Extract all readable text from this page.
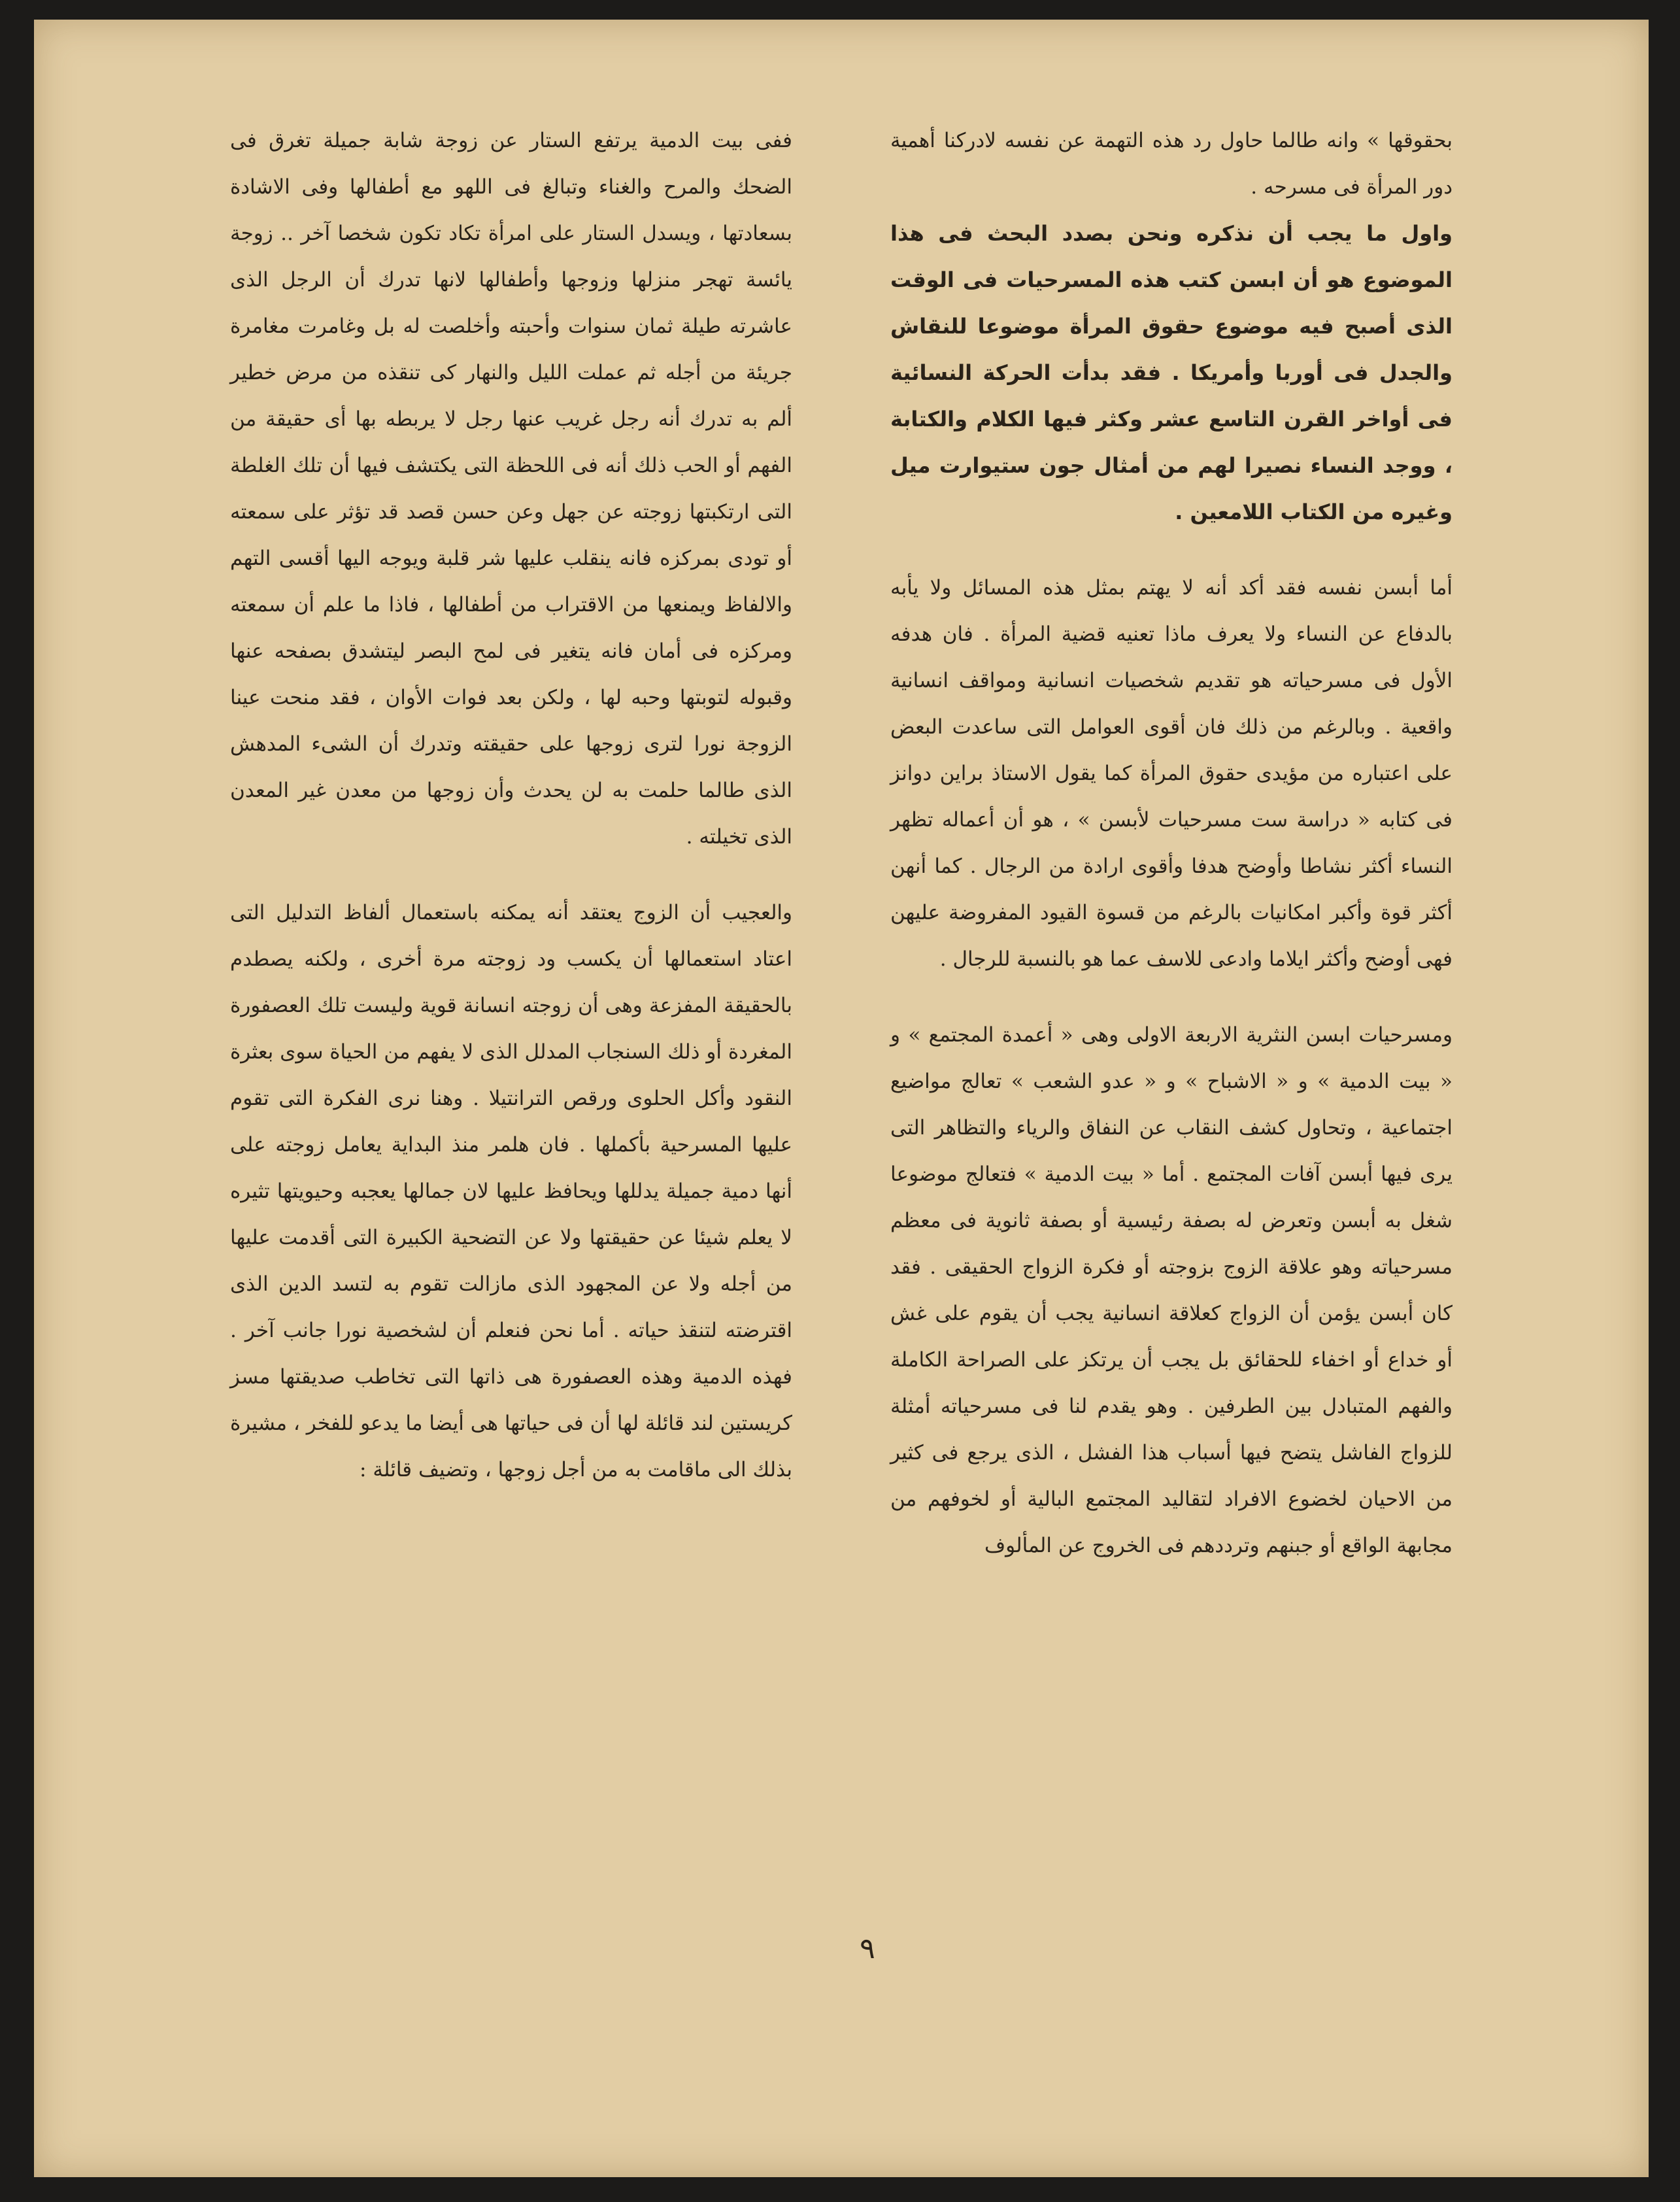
بحقوقها » وانه طالما حاول رد هذه التهمة عن نفسه لادركنا أهمية دور المرأة فى مسرحه .

واول ما يجب أن نذكره ونحن بصدد البحث فى هذا الموضوع هو أن ابسن كتب هذه المسرحيات فى الوقت الذى أصبح فيه موضوع حقوق المرأة موضوعا للنقاش والجدل فى أوربا وأمريكا . فقد بدأت الحركة النسائية فى أواخر القرن التاسع عشر وكثر فيها الكلام والكتابة ، ووجد النساء نصيرا لهم من أمثال جون ستيوارت ميل وغيره من الكتاب اللامعين .

أما أبسن نفسه فقد أكد أنه لا يهتم بمثل هذه المسائل ولا يأبه بالدفاع عن النساء ولا يعرف ماذا تعنيه قضية المرأة . فان هدفه الأول فى مسرحياته هو تقديم شخصيات انسانية ومواقف انسانية واقعية . وبالرغم من ذلك فان أقوى العوامل التى ساعدت البعض على اعتباره من مؤيدى حقوق المرأة كما يقول الاستاذ براين دوانز فى كتابه « دراسة ست مسرحيات لأبسن » ، هو أن أعماله تظهر النساء أكثر نشاطا وأوضح هدفا وأقوى ارادة من الرجال . كما أنهن أكثر قوة وأكبر امكانيات بالرغم من قسوة القيود المفروضة عليهن فهى أوضح وأكثر ايلاما وادعى للاسف عما هو بالنسبة للرجال .

ومسرحيات ابسن النثرية الاربعة الاولى وهى « أعمدة المجتمع » و « بيت الدمية » و « الاشباح » و « عدو الشعب » تعالج مواضيع اجتماعية ، وتحاول كشف النقاب عن النفاق والرياء والتظاهر التى يرى فيها أبسن آفات المجتمع . أما « بيت الدمية » فتعالج موضوعا شغل به أبسن وتعرض له بصفة رئيسية أو بصفة ثانوية فى معظم مسرحياته وهو علاقة الزوج بزوجته أو فكرة الزواج الحقيقى . فقد كان أبسن يؤمن أن الزواج كعلاقة انسانية يجب أن يقوم على غش أو خداع أو اخفاء للحقائق بل يجب أن يرتكز على الصراحة الكاملة والفهم المتبادل بين الطرفين . وهو يقدم لنا فى مسرحياته أمثلة للزواج الفاشل يتضح فيها أسباب هذا الفشل ، الذى يرجع فى كثير من الاحيان لخضوع الافراد لتقاليد المجتمع البالية أو لخوفهم من مجابهة الواقع أو جبنهم وترددهم فى الخروج عن المألوف

ففى بيت الدمية يرتفع الستار عن زوجة شابة جميلة تغرق فى الضحك والمرح والغناء وتبالغ فى اللهو مع أطفالها وفى الاشادة بسعادتها ، ويسدل الستار على امرأة تكاد تكون شخصا آخر .. زوجة يائسة تهجر منزلها وزوجها وأطفالها لانها تدرك أن الرجل الذى عاشرته طيلة ثمان سنوات وأحبته وأخلصت له بل وغامرت مغامرة جريئة من أجله ثم عملت الليل والنهار كى تنقذه من مرض خطير ألم به تدرك أنه رجل غريب عنها رجل لا يربطه بها أى حقيقة من الفهم أو الحب ذلك أنه فى اللحظة التى يكتشف فيها أن تلك الغلطة التى ارتكبتها زوجته عن جهل وعن حسن قصد قد تؤثر على سمعته أو تودى بمركزه فانه ينقلب عليها شر قلبة ويوجه اليها أقسى التهم والالفاظ ويمنعها من الاقتراب من أطفالها ، فاذا ما علم أن سمعته ومركزه فى أمان فانه يتغير فى لمح البصر ليتشدق بصفحه عنها وقبوله لتوبتها وحبه لها ، ولكن بعد فوات الأوان ، فقد منحت عينا الزوجة نورا لترى زوجها على حقيقته وتدرك أن الشىء المدهش الذى طالما حلمت به لن يحدث وأن زوجها من معدن غير المعدن الذى تخيلته .

والعجيب أن الزوج يعتقد أنه يمكنه باستعمال ألفاظ التدليل التى اعتاد استعمالها أن يكسب ود زوجته مرة أخرى ، ولكنه يصطدم بالحقيقة المفزعة وهى أن زوجته انسانة قوية وليست تلك العصفورة المغردة أو ذلك السنجاب المدلل الذى لا يفهم من الحياة سوى بعثرة النقود وأكل الحلوى ورقص الترانتيلا . وهنا نرى الفكرة التى تقوم عليها المسرحية بأكملها . فان هلمر منذ البداية يعامل زوجته على أنها دمية جميلة يدللها ويحافظ عليها لان جمالها يعجبه وحيويتها تثيره لا يعلم شيئا عن حقيقتها ولا عن التضحية الكبيرة التى أقدمت عليها من أجله ولا عن المجهود الذى مازالت تقوم به لتسد الدين الذى اقترضته لتنقذ حياته . أما نحن فنعلم أن لشخصية نورا جانب آخر . فهذه الدمية وهذه العصفورة هى ذاتها التى تخاطب صديقتها مسز كريستين لند قائلة لها أن فى حياتها هى أيضا ما يدعو للفخر ، مشيرة بذلك الى ماقامت به من أجل زوجها ، وتضيف قائلة :

٩
